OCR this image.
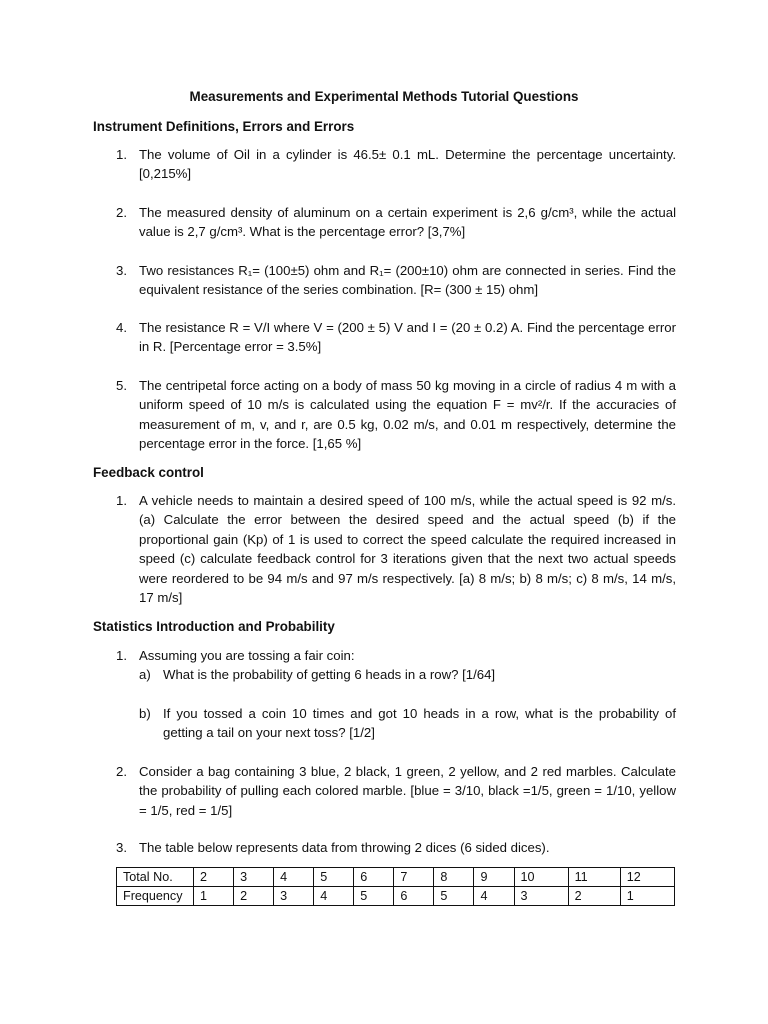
Measurements and Experimental Methods Tutorial Questions
Instrument Definitions, Errors and Errors
1. The volume of Oil in a cylinder is 46.5± 0.1 mL. Determine the percentage uncertainty. [0,215%]
2. The measured density of aluminum on a certain experiment is 2,6 g/cm³, while the actual value is 2,7 g/cm³. What is the percentage error? [3,7%]
3. Two resistances R₁= (100±5) ohm and R₁= (200±10) ohm are connected in series. Find the equivalent resistance of the series combination. [R= (300 ± 15) ohm]
4. The resistance R = V/I where V = (200 ± 5) V and I = (20 ± 0.2) A. Find the percentage error in R. [Percentage error = 3.5%]
5. The centripetal force acting on a body of mass 50 kg moving in a circle of radius 4 m with a uniform speed of 10 m/s is calculated using the equation F = mv²/r. If the accuracies of measurement of m, v, and r, are 0.5 kg, 0.02 m/s, and 0.01 m respectively, determine the percentage error in the force. [1,65 %]
Feedback control
1. A vehicle needs to maintain a desired speed of 100 m/s, while the actual speed is 92 m/s. (a) Calculate the error between the desired speed and the actual speed (b) if the proportional gain (Kp) of 1 is used to correct the speed calculate the required increased in speed (c) calculate feedback control for 3 iterations given that the next two actual speeds were reordered to be 94 m/s and 97 m/s respectively. [a) 8 m/s; b) 8 m/s; c) 8 m/s, 14 m/s, 17 m/s]
Statistics Introduction and Probability
1. Assuming you are tossing a fair coin:
a) What is the probability of getting 6 heads in a row? [1/64]
b) If you tossed a coin 10 times and got 10 heads in a row, what is the probability of getting a tail on your next toss? [1/2]
2. Consider a bag containing 3 blue, 2 black, 1 green, 2 yellow, and 2 red marbles. Calculate the probability of pulling each colored marble. [blue = 3/10, black =1/5, green = 1/10, yellow = 1/5, red = 1/5]
3. The table below represents data from throwing 2 dices (6 sided dices).
Total No.	2	3	4	5	6	7	8	9	10	11	12
Frequency	1	2	3	4	5	6	5	4	3	2	1
